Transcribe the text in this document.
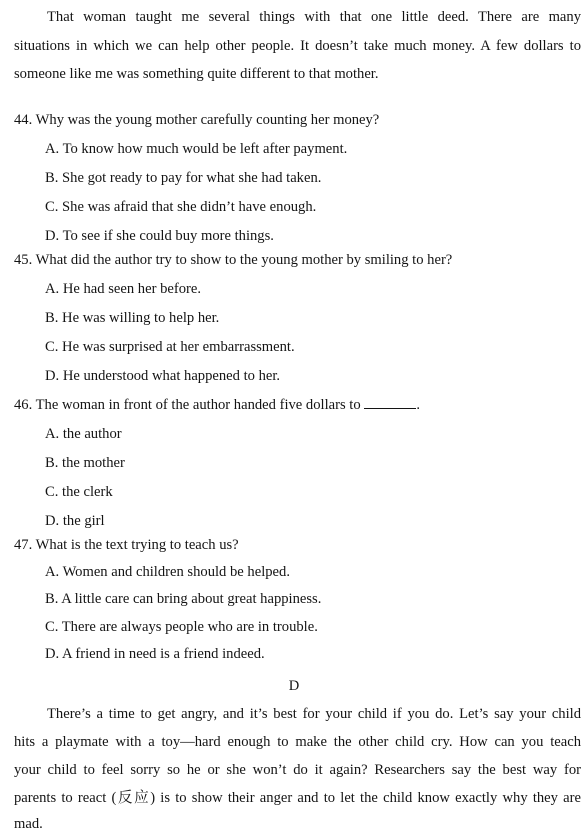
That woman taught me several things with that one little deed. There are many
situations in which we can help other people. It doesn’t take much money. A few dollars to
someone like me was something quite different to that mother.
44. Why was the young mother carefully counting her money?
A. To know how much would be left after payment.
B. She got ready to pay for what she had taken.
C. She was afraid that she didn’t have enough.
D. To see if she could buy more things.
45. What did the author try to show to the young mother by smiling to her?
A. He had seen her before.
B. He was willing to help her.
C. He was surprised at her embarrassment.
D. He understood what happened to her.
46. The woman in front of the author handed five dollars to	.
A. the author
B. the mother
C. the clerk
D. the girl
47. What is the text trying to teach us?
A. Women and children should be helped.
B. A little care can bring about great happiness.
C. There are always people who are in trouble.
D. A friend in need is a friend indeed.
D
There’s a time to get angry, and it’s best for your child if you do. Let’s say your child
hits a playmate with a toy—hard enough to make the other child cry. How can you teach
your child to feel sorry so he or she won’t do it again? Researchers say the best way for
parents to react (反应) is to show their anger and to let the child know exactly why they are
mad.
